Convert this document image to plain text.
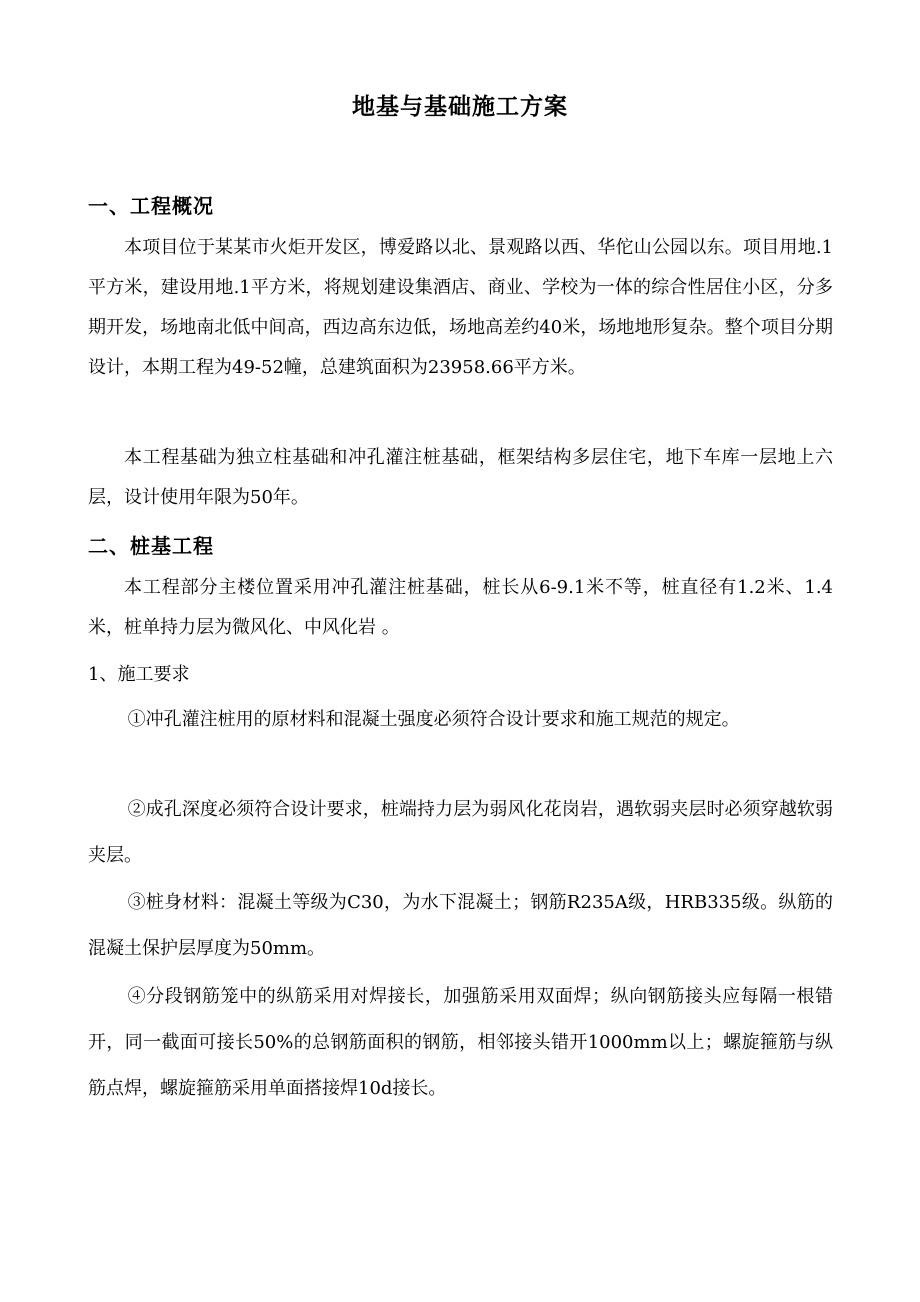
地基与基础施工方案
一、工程概况

本项目位于某某市火炬开发区，博爱路以北、景观路以西、华佗山公园以东。项目用地.1平方米，建设用地.1平方米，将规划建设集酒店、商业、学校为一体的综合性居住小区，分多期开发，场地南北低中间高，西边高东边低，场地高差约40米，场地地形复杂。整个项目分期设计，本期工程为49-52幢，总建筑面积为23958.66平方米。

本工程基础为独立柱基础和冲孔灌注桩基础，框架结构多层住宅，地下车库一层地上六层，设计使用年限为50年。

二、桩基工程

本工程部分主楼位置采用冲孔灌注桩基础，桩长从6-9.1米不等，桩直径有1.2米、1.4米，桩单持力层为微风化、中风化岩 。

1、施工要求

①冲孔灌注桩用的原材料和混凝土强度必须符合设计要求和施工规范的规定。

②成孔深度必须符合设计要求，桩端持力层为弱风化花岗岩，遇软弱夹层时必须穿越软弱夹层。

③桩身材料：混凝土等级为C30，为水下混凝土；钢筋R235A级，HRB335级。纵筋的混凝土保护层厚度为50mm。

④分段钢筋笼中的纵筋采用对焊接长，加强筋采用双面焊；纵向钢筋接头应每隔一根错开，同一截面可接长50%的总钢筋面积的钢筋，相邻接头错开1000mm以上；螺旋箍筋与纵筋点焊，螺旋箍筋采用单面搭接焊10d接长。
